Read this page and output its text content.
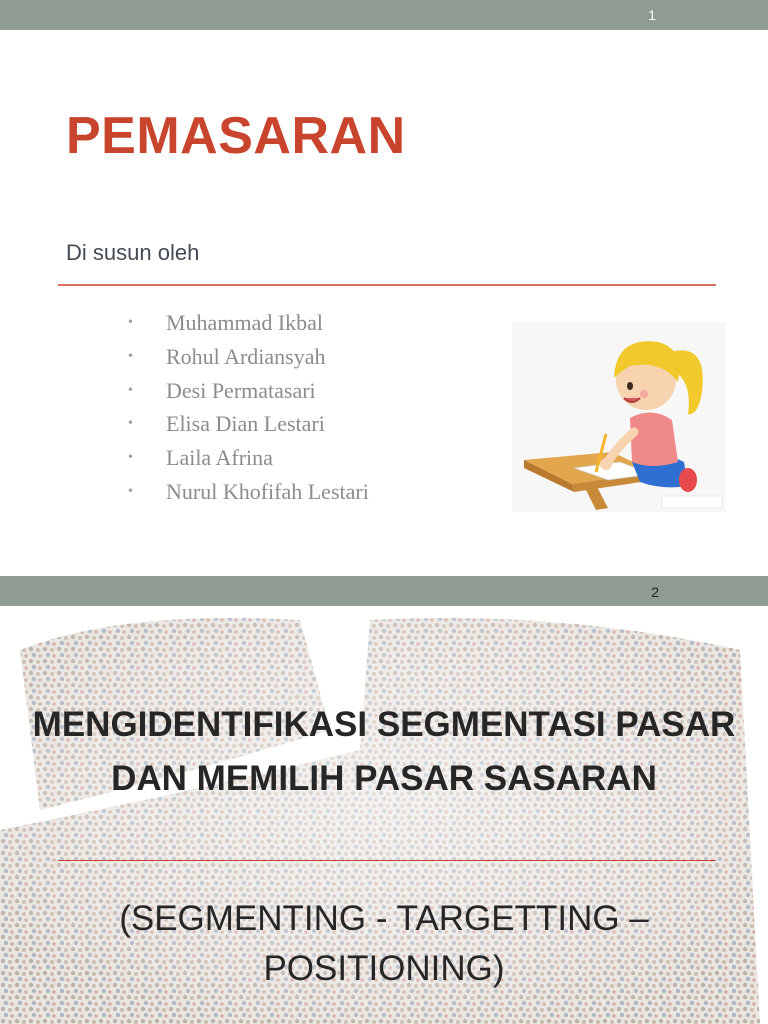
1
PEMASARAN
Di susun oleh
•	Muhammad Ikbal
•	Rohul Ardiansyah
•	Desi Permatasari
•	Elisa Dian Lestari
•	Laila Afrina
•	Nurul Khofifah Lestari
2
MENGIDENTIFIKASI SEGMENTASI PASAR DAN MEMILIH PASAR SASARAN
(SEGMENTING - TARGETTING – POSITIONING)
